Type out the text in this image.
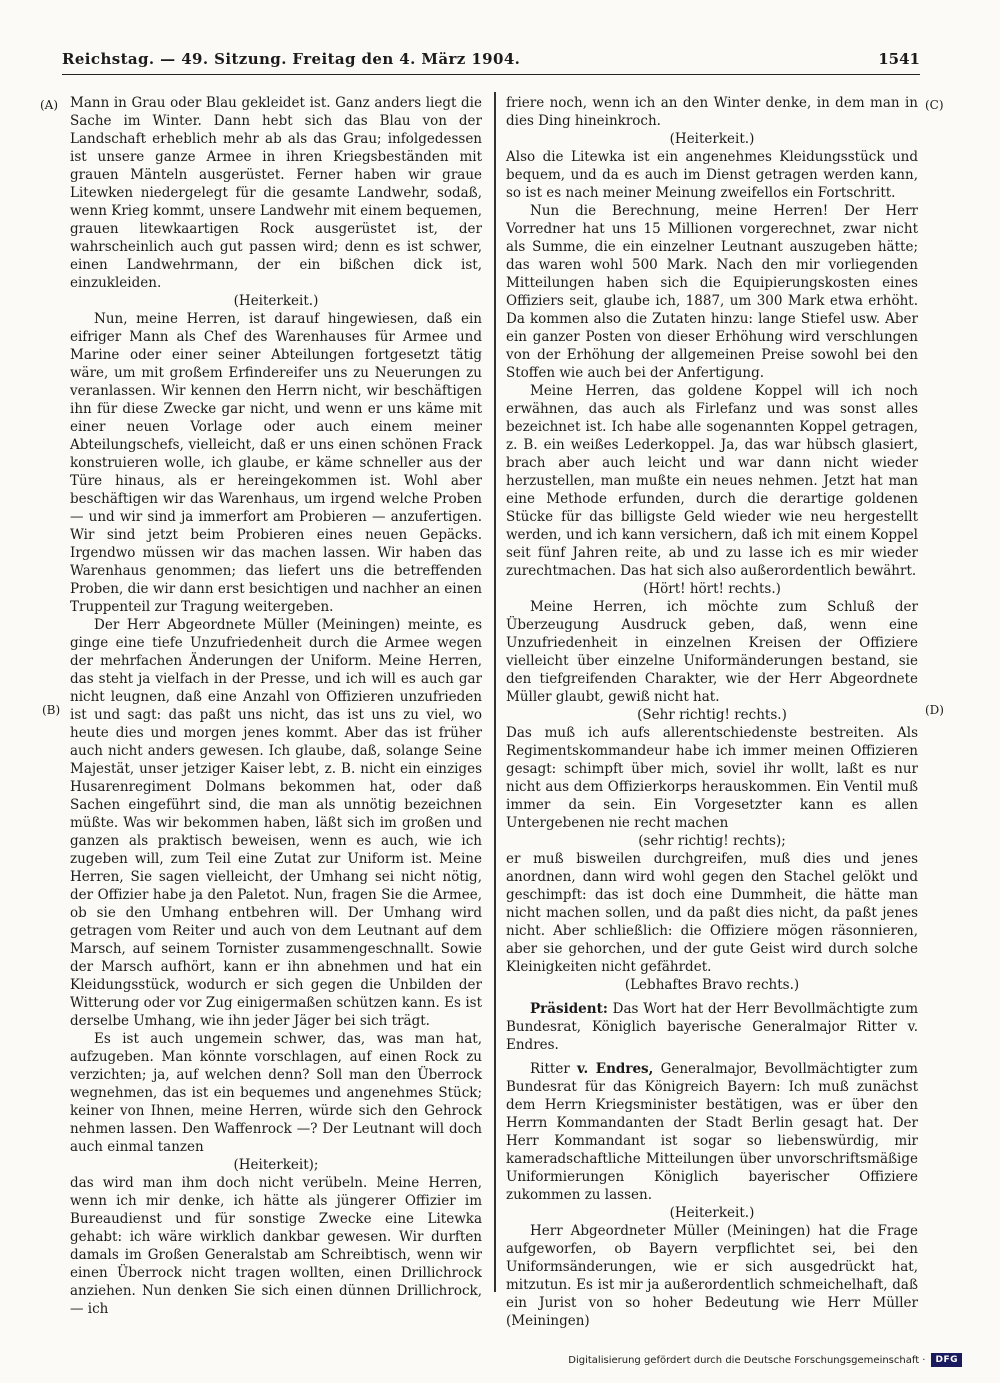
Reichstag. — 49. Sitzung. Freitag den 4. März 1904.	1541
(A)
(B)
(C)
(D)

Mann in Grau oder Blau gekleidet ist. Ganz anders liegt die Sache im Winter. Dann hebt sich das Blau von der Landschaft erheblich mehr ab als das Grau; infolgedessen ist unsere ganze Armee in ihren Kriegsbeständen mit grauen Mänteln ausgerüstet. Ferner haben wir graue Litewken niedergelegt für die gesamte Landwehr, sodaß, wenn Krieg kommt, unsere Landwehr mit einem bequemen, grauen litewkaartigen Rock ausgerüstet ist, der wahrscheinlich auch gut passen wird; denn es ist schwer, einen Landwehrmann, der ein bißchen dick ist, einzukleiden.

(Heiterkeit.)

Nun, meine Herren, ist darauf hingewiesen, daß ein eifriger Mann als Chef des Warenhauses für Armee und Marine oder einer seiner Abteilungen fortgesetzt tätig wäre, um mit großem Erfindereifer uns zu Neuerungen zu veranlassen. Wir kennen den Herrn nicht, wir beschäftigen ihn für diese Zwecke gar nicht, und wenn er uns käme mit einer neuen Vorlage oder auch einem meiner Abteilungschefs, vielleicht, daß er uns einen schönen Frack konstruieren wolle, ich glaube, er käme schneller aus der Türe hinaus, als er hereingekommen ist. Wohl aber beschäftigen wir das Warenhaus, um irgend welche Proben — und wir sind ja immerfort am Probieren — anzufertigen. Wir sind jetzt beim Probieren eines neuen Gepäcks. Irgendwo müssen wir das machen lassen. Wir haben das Warenhaus genommen; das liefert uns die betreffenden Proben, die wir dann erst besichtigen und nachher an einen Truppenteil zur Tragung weitergeben.

Der Herr Abgeordnete Müller (Meiningen) meinte, es ginge eine tiefe Unzufriedenheit durch die Armee wegen der mehrfachen Änderungen der Uniform. Meine Herren, das steht ja vielfach in der Presse, und ich will es auch gar nicht leugnen, daß eine Anzahl von Offizieren unzufrieden ist und sagt: das paßt uns nicht, das ist uns zu viel, wo heute dies und morgen jenes kommt. Aber das ist früher auch nicht anders gewesen. Ich glaube, daß, solange Seine Majestät, unser jetziger Kaiser lebt, z. B. nicht ein einziges Husarenregiment Dolmans bekommen hat, oder daß Sachen eingeführt sind, die man als unnötig bezeichnen müßte. Was wir bekommen haben, läßt sich im großen und ganzen als praktisch beweisen, wenn es auch, wie ich zugeben will, zum Teil eine Zutat zur Uniform ist. Meine Herren, Sie sagen vielleicht, der Umhang sei nicht nötig, der Offizier habe ja den Paletot. Nun, fragen Sie die Armee, ob sie den Umhang entbehren will. Der Umhang wird getragen vom Reiter und auch von dem Leutnant auf dem Marsch, auf seinem Tornister zusammengeschnallt. Sowie der Marsch aufhört, kann er ihn abnehmen und hat ein Kleidungsstück, wodurch er sich gegen die Unbilden der Witterung oder vor Zug einigermaßen schützen kann. Es ist derselbe Umhang, wie ihn jeder Jäger bei sich trägt.

Es ist auch ungemein schwer, das, was man hat, aufzugeben. Man könnte vorschlagen, auf einen Rock zu verzichten; ja, auf welchen denn? Soll man den Überrock wegnehmen, das ist ein bequemes und angenehmes Stück; keiner von Ihnen, meine Herren, würde sich den Gehrock nehmen lassen. Den Waffenrock —? Der Leutnant will doch auch einmal tanzen

(Heiterkeit);

das wird man ihm doch nicht verübeln. Meine Herren, wenn ich mir denke, ich hätte als jüngerer Offizier im Bureaudienst und für sonstige Zwecke eine Litewka gehabt: ich wäre wirklich dankbar gewesen. Wir durften damals im Großen Generalstab am Schreibtisch, wenn wir einen Überrock nicht tragen wollten, einen Drillichrock anziehen. Nun denken Sie sich einen dünnen Drillichrock, — ich

friere noch, wenn ich an den Winter denke, in dem man in dies Ding hineinkroch.

(Heiterkeit.)

Also die Litewka ist ein angenehmes Kleidungsstück und bequem, und da es auch im Dienst getragen werden kann, so ist es nach meiner Meinung zweifellos ein Fortschritt.

Nun die Berechnung, meine Herren! Der Herr Vorredner hat uns 15 Millionen vorgerechnet, zwar nicht als Summe, die ein einzelner Leutnant auszugeben hätte; das waren wohl 500 Mark. Nach den mir vorliegenden Mitteilungen haben sich die Equipierungskosten eines Offiziers seit, glaube ich, 1887, um 300 Mark etwa erhöht. Da kommen also die Zutaten hinzu: lange Stiefel usw. Aber ein ganzer Posten von dieser Erhöhung wird verschlungen von der Erhöhung der allgemeinen Preise sowohl bei den Stoffen wie auch bei der Anfertigung.

Meine Herren, das goldene Koppel will ich noch erwähnen, das auch als Firlefanz und was sonst alles bezeichnet ist. Ich habe alle sogenannten Koppel getragen, z. B. ein weißes Lederkoppel. Ja, das war hübsch glasiert, brach aber auch leicht und war dann nicht wieder herzustellen, man mußte ein neues nehmen. Jetzt hat man eine Methode erfunden, durch die derartige goldenen Stücke für das billigste Geld wieder wie neu hergestellt werden, und ich kann versichern, daß ich mit einem Koppel seit fünf Jahren reite, ab und zu lasse ich es mir wieder zurechtmachen. Das hat sich also außerordentlich bewährt.

(Hört! hört! rechts.)

Meine Herren, ich möchte zum Schluß der Überzeugung Ausdruck geben, daß, wenn eine Unzufriedenheit in einzelnen Kreisen der Offiziere vielleicht über einzelne Uniformänderungen bestand, sie den tiefgreifenden Charakter, wie der Herr Abgeordnete Müller glaubt, gewiß nicht hat.

(Sehr richtig! rechts.)

Das muß ich aufs allerentschiedenste bestreiten. Als Regimentskommandeur habe ich immer meinen Offizieren gesagt: schimpft über mich, soviel ihr wollt, laßt es nur nicht aus dem Offizierkorps herauskommen. Ein Ventil muß immer da sein. Ein Vorgesetzter kann es allen Untergebenen nie recht machen

(sehr richtig! rechts);

er muß bisweilen durchgreifen, muß dies und jenes anordnen, dann wird wohl gegen den Stachel gelökt und geschimpft: das ist doch eine Dummheit, die hätte man nicht machen sollen, und da paßt dies nicht, da paßt jenes nicht. Aber schließlich: die Offiziere mögen räsonnieren, aber sie gehorchen, und der gute Geist wird durch solche Kleinigkeiten nicht gefährdet.

(Lebhaftes Bravo rechts.)

Präsident: Das Wort hat der Herr Bevollmächtigte zum Bundesrat, Königlich bayerische Generalmajor Ritter v. Endres.

Ritter v. Endres, Generalmajor, Bevollmächtigter zum Bundesrat für das Königreich Bayern: Ich muß zunächst dem Herrn Kriegsminister bestätigen, was er über den Herrn Kommandanten der Stadt Berlin gesagt hat. Der Herr Kommandant ist sogar so liebenswürdig, mir kameradschaftliche Mitteilungen über unvorschriftsmäßige Uniformierungen Königlich bayerischer Offiziere zukommen zu lassen.

(Heiterkeit.)

Herr Abgeordneter Müller (Meiningen) hat die Frage aufgeworfen, ob Bayern verpflichtet sei, bei den Uniformsänderungen, wie er sich ausgedrückt hat, mitzutun. Es ist mir ja außerordentlich schmeichelhaft, daß ein Jurist von so hoher Bedeutung wie Herr Müller (Meiningen)

Digitalisierung gefördert durch die Deutsche Forschungsgemeinschaft ·	DFG
